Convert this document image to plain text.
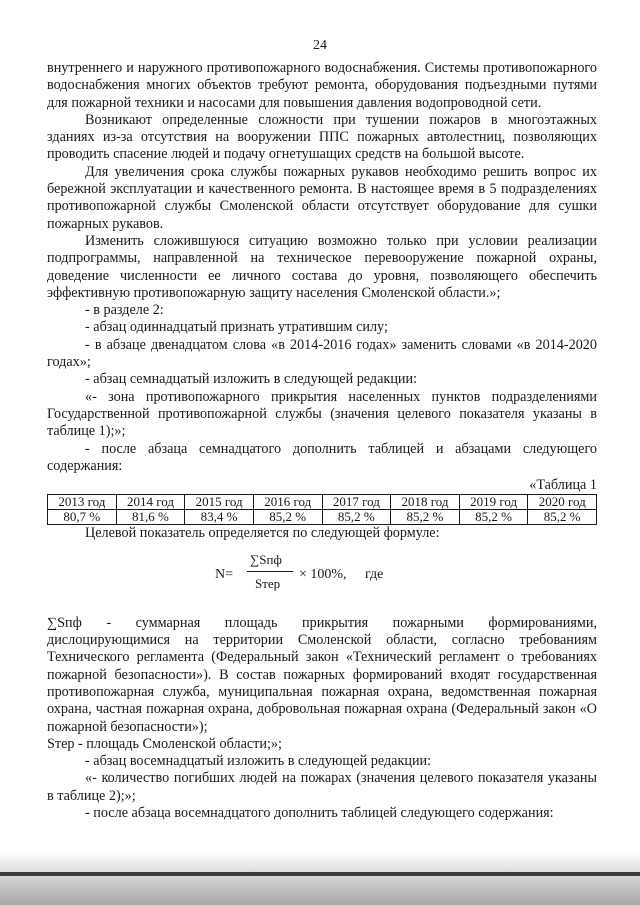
24

внутреннего и наружного противопожарного водоснабжения. Системы противопожарного водоснабжения многих объектов требуют ремонта, оборудования подъездными путями для пожарной техники и насосами для повышения давления водопроводной сети.

Возникают определенные сложности при тушении пожаров в многоэтажных зданиях из-за отсутствия на вооружении ППС пожарных автолестниц, позволяющих проводить спасение людей и подачу огнетушащих средств на большой высоте.

Для увеличения срока службы пожарных рукавов необходимо решить вопрос их бережной эксплуатации и качественного ремонта. В настоящее время в 5 подразделениях противопожарной службы Смоленской области отсутствует оборудование для сушки пожарных рукавов.

Изменить сложившуюся ситуацию возможно только при условии реализации подпрограммы, направленной на техническое перевооружение пожарной охраны, доведение численности ее личного состава до уровня, позволяющего обеспечить эффективную противопожарную защиту населения Смоленской области.»;

- в разделе 2:

- абзац одиннадцатый признать утратившим силу;

- в абзаце двенадцатом слова «в 2014-2016 годах» заменить словами «в 2014-2020 годах»;

- абзац семнадцатый изложить в следующей редакции:

«- зона противопожарного прикрытия населенных пунктов подразделениями Государственной противопожарной службы (значения целевого показателя указаны в таблице 1);»;

- после абзаца семнадцатого дополнить таблицей и абзацами следующего содержания:

«Таблица 1

2013 год	2014 год	2015 год	2016 год	2017 год	2018 год	2019 год	2020 год
80,7 %	81,6 %	83,4 %	85,2 %	85,2 %	85,2 %	85,2 %	85,2 %

Целевой показатель определяется по следующей формуле:

N=
∑Sпф
Sтер
× 100%, где

∑Sпф - суммарная площадь прикрытия пожарными формированиями, дислоцирующимися на территории Смоленской области, согласно требованиям Технического регламента (Федеральный закон «Технический регламент о требованиях пожарной безопасности»). В состав пожарных формирований входят государственная противопожарная служба, муниципальная пожарная охрана, ведомственная пожарная охрана, частная пожарная охрана, добровольная пожарная охрана (Федеральный закон «О пожарной безопасности»);

Sтер - площадь Смоленской области;»;

- абзац восемнадцатый изложить в следующей редакции:

«- количество погибших людей на пожарах (значения целевого показателя указаны в таблице 2);»;

- после абзаца восемнадцатого дополнить таблицей следующего содержания:
